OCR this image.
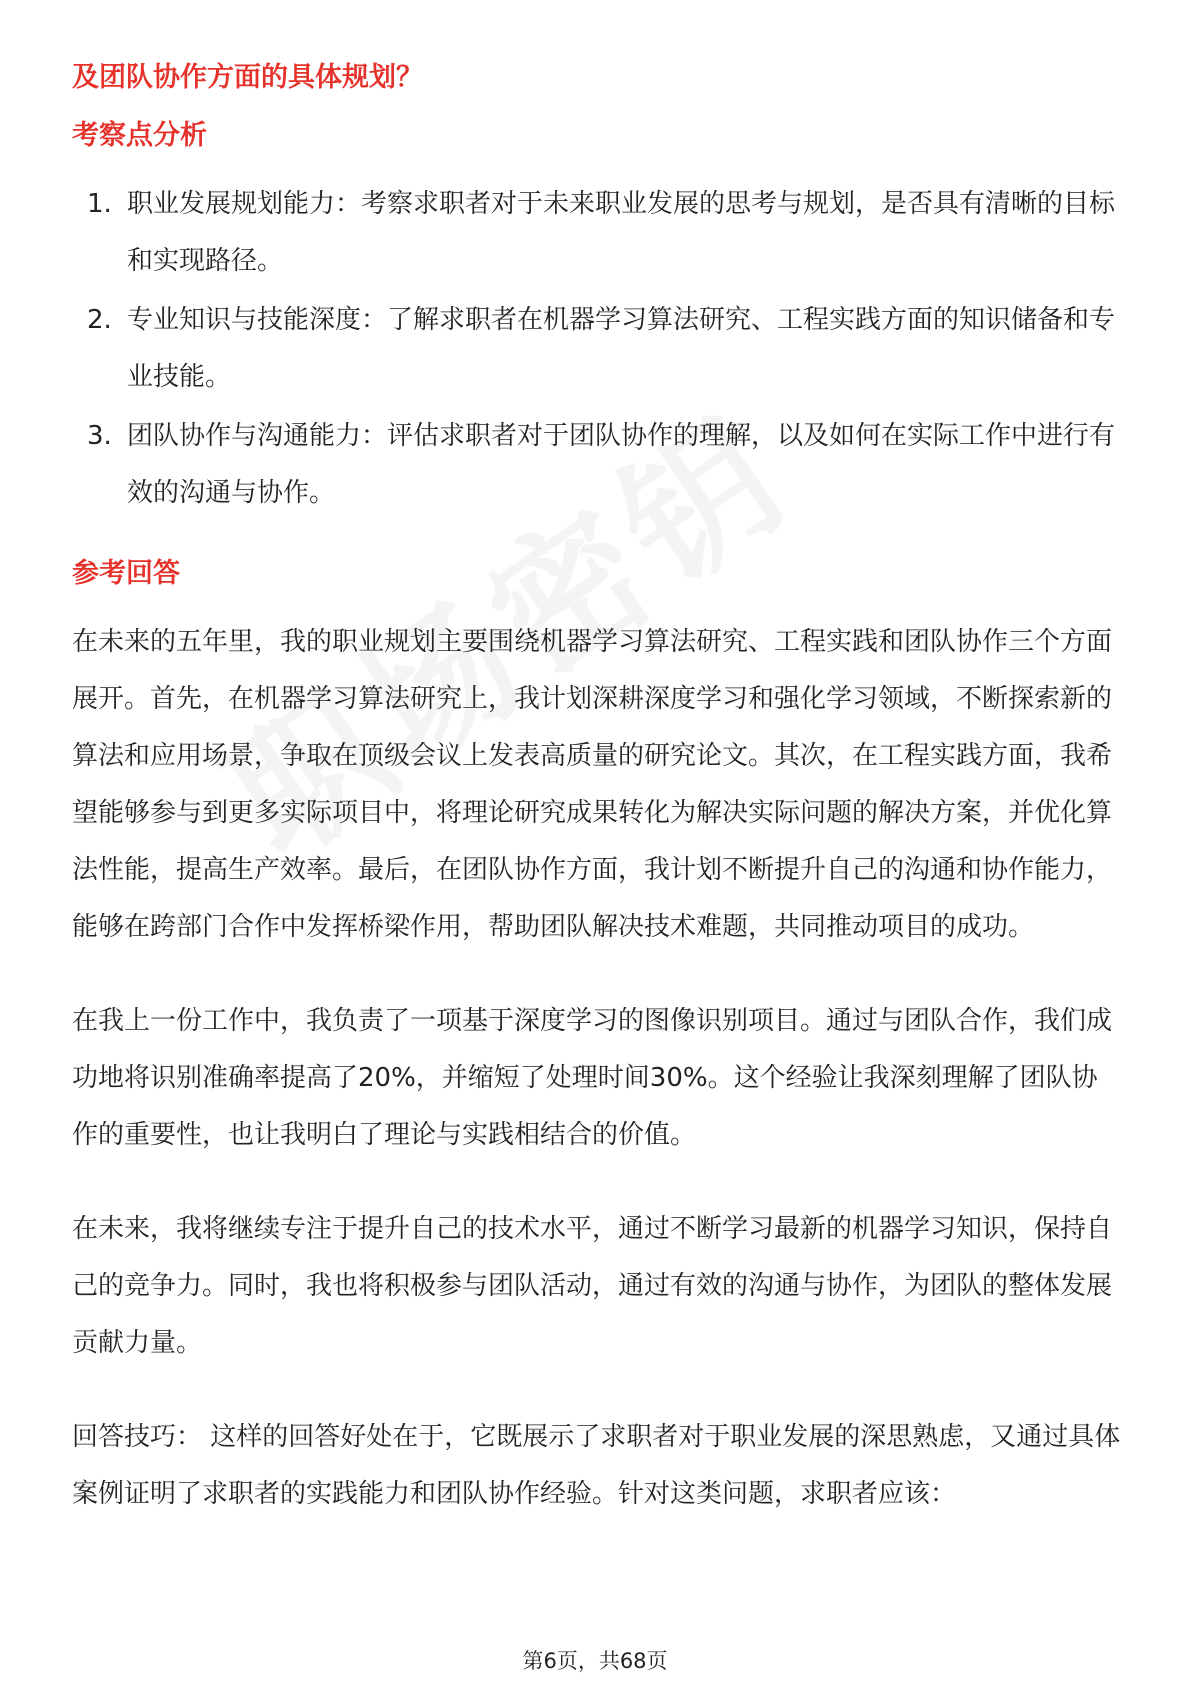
及团队协作方面的具体规划？
考察点分析
1. 职业发展规划能力：考察求职者对于未来职业发展的思考与规划，是否具有清晰的目标和实现路径。
2. 专业知识与技能深度：了解求职者在机器学习算法研究、工程实践方面的知识储备和专业技能。
3. 团队协作与沟通能力：评估求职者对于团队协作的理解，以及如何在实际工作中进行有效的沟通与协作。
参考回答

在未来的五年里，我的职业规划主要围绕机器学习算法研究、工程实践和团队协作三个方面展开。首先，在机器学习算法研究上，我计划深耕深度学习和强化学习领域，不断探索新的算法和应用场景，争取在顶级会议上发表高质量的研究论文。其次，在工程实践方面，我希望能够参与到更多实际项目中，将理论研究成果转化为解决实际问题的解决方案，并优化算法性能，提高生产效率。最后，在团队协作方面，我计划不断提升自己的沟通和协作能力，能够在跨部门合作中发挥桥梁作用，帮助团队解决技术难题，共同推动项目的成功。

在我上一份工作中，我负责了一项基于深度学习的图像识别项目。通过与团队合作，我们成功地将识别准确率提高了20%，并缩短了处理时间30%。这个经验让我深刻理解了团队协作的重要性，也让我明白了理论与实践相结合的价值。

在未来，我将继续专注于提升自己的技术水平，通过不断学习最新的机器学习知识，保持自己的竞争力。同时，我也将积极参与团队活动，通过有效的沟通与协作，为团队的整体发展贡献力量。

回答技巧： 这样的回答好处在于，它既展示了求职者对于职业发展的深思熟虑，又通过具体案例证明了求职者的实践能力和团队协作经验。针对这类问题，求职者应该：

第6页，共68页
